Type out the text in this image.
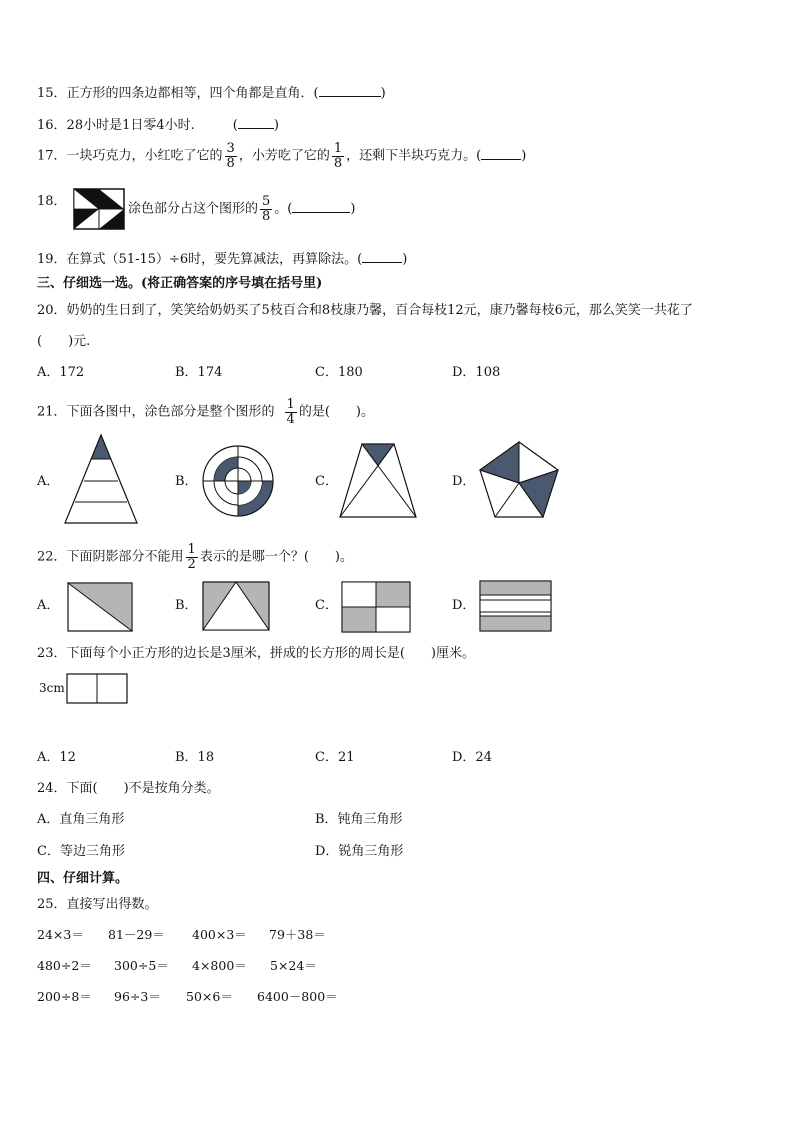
15．正方形的四条边都相等，四个角都是直角．(	)
16．28小时是1日零4小时.	(	)
17．一块巧克力，小红吃了它的 $\frac{3}{8}$ ，小芳吃了它的 $\frac{1}{8}$ ，还剩下半块巧克力。(	)
18．
涂色部分占这个图形的 $\frac{5}{8}$ 。(	)
19．在算式（51-15）÷6时，要先算减法，再算除法。(	)
三、仔细选一选。(将正确答案的序号填在括号里)
20．奶奶的生日到了，笑笑给奶奶买了5枝百合和8枝康乃馨，百合每枝12元，康乃馨每枝6元，那么笑笑一共花了
(　　)元.
A．172	B．174	C．180	D．108
21．下面各图中，涂色部分是整个图形的 $\frac{1}{4}$ 的是(　　)。
A．	B．	C．	D．
22．下面阴影部分不能用 $\frac{1}{2}$ 表示的是哪一个？(　　)。
A．	B．	C．	D．
23．下面每个小正方形的边长是3厘米，拼成的长方形的周长是(　　)厘米。
3cm
A．12	B．18	C．21	D．24
24．下面(　　)不是按角分类。
A．直角三角形	B．钝角三角形
C．等边三角形	D．锐角三角形
四、仔细计算。
25．直接写出得数。
24×3＝ 81－29＝ 400×3＝ 79＋38＝
480÷2＝ 300÷5＝ 4×800＝ 5×24＝
200÷8＝ 96÷3＝ 50×6＝ 6400－800＝
